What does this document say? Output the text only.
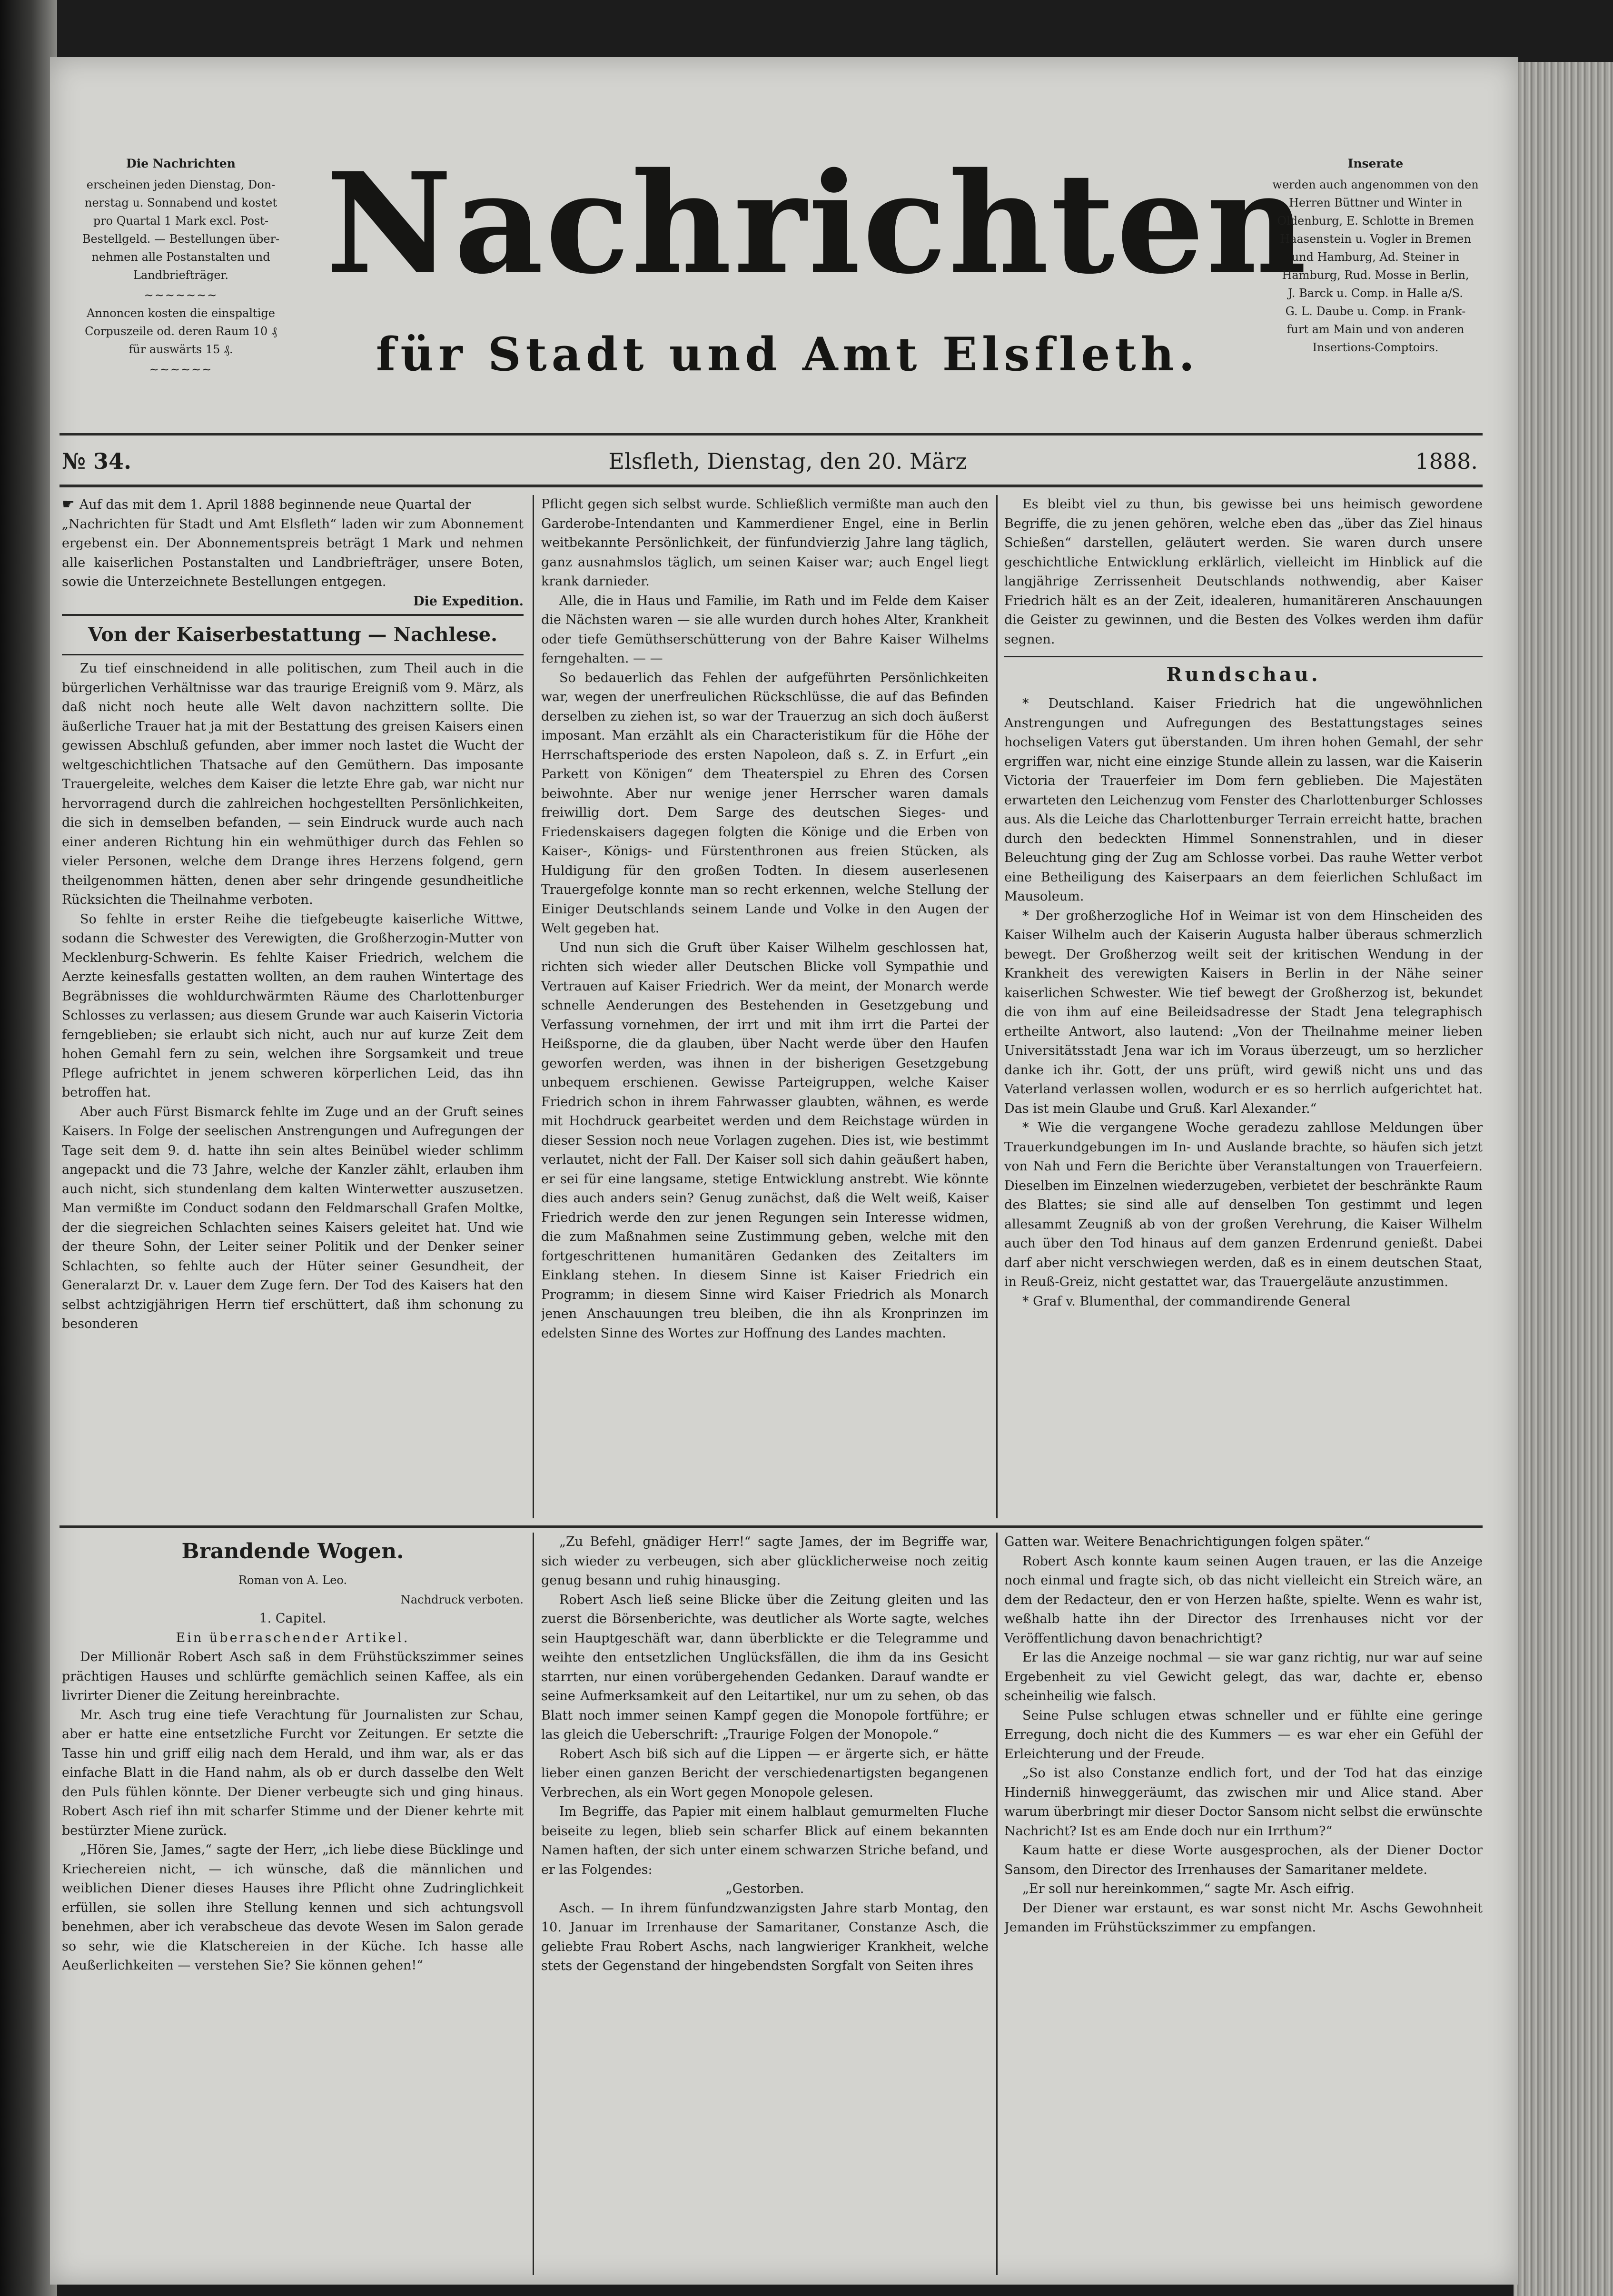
Die Nachrichten

erscheinen jeden Dienstag, Don-

nerstag u. Sonnabend und kostet

pro Quartal 1 Mark excl. Post-

Bestellgeld. — Bestellungen über-

nehmen alle Postanstalten und

Landbriefträger.

∼∼∼∼∼∼∼

Annoncen kosten die einspaltige

Corpuszeile od. deren Raum 10 ₰

für auswärts 15 ₰.

∼∼∼∼∼∼

Nachrichten
für Stadt und Amt Elsfleth.

Inserate

werden auch angenommen von den

Herren Büttner und Winter in

Oldenburg, E. Schlotte in Bremen

Haasenstein u. Vogler in Bremen

und Hamburg, Ad. Steiner in

Hamburg, Rud. Mosse in Berlin,

J. Barck u. Comp. in Halle a/S.

G. L. Daube u. Comp. in Frank-

furt am Main und von anderen

Insertions-Comptoirs.

№ 34.	Elsfleth, Dienstag, den 20. März	1888.

☛ Auf das mit dem 1. April 1888 beginnende neue Quartal der

„Nachrichten für Stadt und Amt Elsfleth“ laden wir zum Abonnement ergebenst ein. Der Abonnementspreis beträgt 1 Mark und nehmen alle kaiserlichen Postanstalten und Landbriefträger, unsere Boten, sowie die Unterzeichnete Bestellungen entgegen.

Die Expedition.

Von der Kaiserbestattung — Nachlese.

Zu tief einschneidend in alle politischen, zum Theil auch in die bürgerlichen Verhältnisse war das traurige Ereigniß vom 9. März, als daß nicht noch heute alle Welt davon nachzittern sollte. Die äußerliche Trauer hat ja mit der Bestattung des greisen Kaisers einen gewissen Abschluß gefunden, aber immer noch lastet die Wucht der weltgeschichtlichen Thatsache auf den Gemüthern. Das imposante Trauergeleite, welches dem Kaiser die letzte Ehre gab, war nicht nur hervorragend durch die zahlreichen hochgestellten Persönlichkeiten, die sich in demselben befanden, — sein Eindruck wurde auch nach einer anderen Richtung hin ein wehmüthiger durch das Fehlen so vieler Personen, welche dem Drange ihres Herzens folgend, gern theilgenommen hätten, denen aber sehr dringende gesundheitliche Rücksichten die Theilnahme verboten.

So fehlte in erster Reihe die tiefgebeugte kaiserliche Wittwe, sodann die Schwester des Verewigten, die Großherzogin-Mutter von Mecklenburg-Schwerin. Es fehlte Kaiser Friedrich, welchem die Aerzte keinesfalls gestatten wollten, an dem rauhen Wintertage des Begräbnisses die wohldurchwärmten Räume des Charlottenburger Schlosses zu verlassen; aus diesem Grunde war auch Kaiserin Victoria ferngeblieben; sie erlaubt sich nicht, auch nur auf kurze Zeit dem hohen Gemahl fern zu sein, welchen ihre Sorgsamkeit und treue Pflege aufrichtet in jenem schweren körperlichen Leid, das ihn betroffen hat.

Aber auch Fürst Bismarck fehlte im Zuge und an der Gruft seines Kaisers. In Folge der seelischen Anstrengungen und Aufregungen der Tage seit dem 9. d. hatte ihn sein altes Beinübel wieder schlimm angepackt und die 73 Jahre, welche der Kanzler zählt, erlauben ihm auch nicht, sich stundenlang dem kalten Winterwetter auszusetzen. Man vermißte im Conduct sodann den Feldmarschall Grafen Moltke, der die siegreichen Schlachten seines Kaisers geleitet hat. Und wie der theure Sohn, der Leiter seiner Politik und der Denker seiner Schlachten, so fehlte auch der Hüter seiner Gesundheit, der Generalarzt Dr. v. Lauer dem Zuge fern. Der Tod des Kaisers hat den selbst achtzigjährigen Herrn tief erschüttert, daß ihm schonung zu besonderen

Pflicht gegen sich selbst wurde. Schließlich vermißte man auch den Garderobe-Intendanten und Kammerdiener Engel, eine in Berlin weitbekannte Persönlichkeit, der fünfundvierzig Jahre lang täglich, ganz ausnahmslos täglich, um seinen Kaiser war; auch Engel liegt krank darnieder.

Alle, die in Haus und Familie, im Rath und im Felde dem Kaiser die Nächsten waren — sie alle wurden durch hohes Alter, Krankheit oder tiefe Gemüthserschütterung von der Bahre Kaiser Wilhelms ferngehalten. — —

So bedauerlich das Fehlen der aufgeführten Persönlichkeiten war, wegen der unerfreulichen Rückschlüsse, die auf das Befinden derselben zu ziehen ist, so war der Trauerzug an sich doch äußerst imposant. Man erzählt als ein Characteristikum für die Höhe der Herrschaftsperiode des ersten Napoleon, daß s. Z. in Erfurt „ein Parkett von Königen“ dem Theaterspiel zu Ehren des Corsen beiwohnte. Aber nur wenige jener Herrscher waren damals freiwillig dort. Dem Sarge des deutschen Sieges- und Friedenskaisers dagegen folgten die Könige und die Erben von Kaiser-, Königs- und Fürstenthronen aus freien Stücken, als Huldigung für den großen Todten. In diesem auserlesenen Trauergefolge konnte man so recht erkennen, welche Stellung der Einiger Deutschlands seinem Lande und Volke in den Augen der Welt gegeben hat.

Und nun sich die Gruft über Kaiser Wilhelm geschlossen hat, richten sich wieder aller Deutschen Blicke voll Sympathie und Vertrauen auf Kaiser Friedrich. Wer da meint, der Monarch werde schnelle Aenderungen des Bestehenden in Gesetzgebung und Verfassung vornehmen, der irrt und mit ihm irrt die Partei der Heißsporne, die da glauben, über Nacht werde über den Haufen geworfen werden, was ihnen in der bisherigen Gesetzgebung unbequem erschienen. Gewisse Parteigruppen, welche Kaiser Friedrich schon in ihrem Fahrwasser glaubten, wähnen, es werde mit Hochdruck gearbeitet werden und dem Reichstage würden in dieser Session noch neue Vorlagen zugehen. Dies ist, wie bestimmt verlautet, nicht der Fall. Der Kaiser soll sich dahin geäußert haben, er sei für eine langsame, stetige Entwicklung anstrebt. Wie könnte dies auch anders sein? Genug zunächst, daß die Welt weiß, Kaiser Friedrich werde den zur jenen Regungen sein Interesse widmen, die zum Maßnahmen seine Zustimmung geben, welche mit den fortgeschrittenen humanitären Gedanken des Zeitalters im Einklang stehen. In diesem Sinne ist Kaiser Friedrich ein Programm; in diesem Sinne wird Kaiser Friedrich als Monarch jenen Anschauungen treu bleiben, die ihn als Kronprinzen im edelsten Sinne des Wortes zur Hoffnung des Landes machten.

Es bleibt viel zu thun, bis gewisse bei uns heimisch gewordene Begriffe, die zu jenen gehören, welche eben das „über das Ziel hinaus Schießen“ darstellen, geläutert werden. Sie waren durch unsere geschichtliche Entwicklung erklärlich, vielleicht im Hinblick auf die langjährige Zerrissenheit Deutschlands nothwendig, aber Kaiser Friedrich hält es an der Zeit, idealeren, humanitäreren Anschauungen die Geister zu gewinnen, und die Besten des Volkes werden ihm dafür segnen.

Rundschau.

* Deutschland. Kaiser Friedrich hat die ungewöhnlichen Anstrengungen und Aufregungen des Bestattungstages seines hochseligen Vaters gut überstanden. Um ihren hohen Gemahl, der sehr ergriffen war, nicht eine einzige Stunde allein zu lassen, war die Kaiserin Victoria der Trauerfeier im Dom fern geblieben. Die Majestäten erwarteten den Leichenzug vom Fenster des Charlottenburger Schlosses aus. Als die Leiche das Charlottenburger Terrain erreicht hatte, brachen durch den bedeckten Himmel Sonnenstrahlen, und in dieser Beleuchtung ging der Zug am Schlosse vorbei. Das rauhe Wetter verbot eine Betheiligung des Kaiserpaars an dem feierlichen Schlußact im Mausoleum.

* Der großherzogliche Hof in Weimar ist von dem Hinscheiden des Kaiser Wilhelm auch der Kaiserin Augusta halber überaus schmerzlich bewegt. Der Großherzog weilt seit der kritischen Wendung in der Krankheit des verewigten Kaisers in Berlin in der Nähe seiner kaiserlichen Schwester. Wie tief bewegt der Großherzog ist, bekundet die von ihm auf eine Beileidsadresse der Stadt Jena telegraphisch ertheilte Antwort, also lautend: „Von der Theilnahme meiner lieben Universitätsstadt Jena war ich im Voraus überzeugt, um so herzlicher danke ich ihr. Gott, der uns prüft, wird gewiß nicht uns und das Vaterland verlassen wollen, wodurch er es so herrlich aufgerichtet hat. Das ist mein Glaube und Gruß. Karl Alexander.“

* Wie die vergangene Woche geradezu zahllose Meldungen über Trauerkundgebungen im In- und Auslande brachte, so häufen sich jetzt von Nah und Fern die Berichte über Veranstaltungen von Trauerfeiern. Dieselben im Einzelnen wiederzugeben, verbietet der beschränkte Raum des Blattes; sie sind alle auf denselben Ton gestimmt und legen allesammt Zeugniß ab von der großen Verehrung, die Kaiser Wilhelm auch über den Tod hinaus auf dem ganzen Erdenrund genießt. Dabei darf aber nicht verschwiegen werden, daß es in einem deutschen Staat, in Reuß-Greiz, nicht gestattet war, das Trauergeläute anzustimmen.

* Graf v. Blumenthal, der commandirende General

Brandende Wogen.

Roman von A. Leo.

Nachdruck verboten.

1. Capitel.

Ein überraschender Artikel.

Der Millionär Robert Asch saß in dem Frühstückszimmer seines prächtigen Hauses und schlürfte gemächlich seinen Kaffee, als ein livrirter Diener die Zeitung hereinbrachte.

Mr. Asch trug eine tiefe Verachtung für Journalisten zur Schau, aber er hatte eine entsetzliche Furcht vor Zeitungen. Er setzte die Tasse hin und griff eilig nach dem Herald, und ihm war, als er das einfache Blatt in die Hand nahm, als ob er durch dasselbe den Welt den Puls fühlen könnte. Der Diener verbeugte sich und ging hinaus. Robert Asch rief ihn mit scharfer Stimme und der Diener kehrte mit bestürzter Miene zurück.

„Hören Sie, James,“ sagte der Herr, „ich liebe diese Bücklinge und Kriechereien nicht, — ich wünsche, daß die männlichen und weiblichen Diener dieses Hauses ihre Pflicht ohne Zudringlichkeit erfüllen, sie sollen ihre Stellung kennen und sich achtungsvoll benehmen, aber ich verabscheue das devote Wesen im Salon gerade so sehr, wie die Klatschereien in der Küche. Ich hasse alle Aeußerlichkeiten — verstehen Sie? Sie können gehen!“

„Zu Befehl, gnädiger Herr!“ sagte James, der im Begriffe war, sich wieder zu verbeugen, sich aber glücklicherweise noch zeitig genug besann und ruhig hinausging.

Robert Asch ließ seine Blicke über die Zeitung gleiten und las zuerst die Börsenberichte, was deutlicher als Worte sagte, welches sein Hauptgeschäft war, dann überblickte er die Telegramme und weihte den entsetzlichen Unglücksfällen, die ihm da ins Gesicht starrten, nur einen vorübergehenden Gedanken. Darauf wandte er seine Aufmerksamkeit auf den Leitartikel, nur um zu sehen, ob das Blatt noch immer seinen Kampf gegen die Monopole fortführe; er las gleich die Ueberschrift: „Traurige Folgen der Monopole.“

Robert Asch biß sich auf die Lippen — er ärgerte sich, er hätte lieber einen ganzen Bericht der verschiedenartigsten begangenen Verbrechen, als ein Wort gegen Monopole gelesen.

Im Begriffe, das Papier mit einem halblaut gemurmelten Fluche beiseite zu legen, blieb sein scharfer Blick auf einem bekannten Namen haften, der sich unter einem schwarzen Striche befand, und er las Folgendes:

„Gestorben.

Asch. — In ihrem fünfundzwanzigsten Jahre starb Montag, den 10. Januar im Irrenhause der Samaritaner, Constanze Asch, die geliebte Frau Robert Aschs, nach langwieriger Krankheit, welche stets der Gegenstand der hingebendsten Sorgfalt von Seiten ihres

Gatten war. Weitere Benachrichtigungen folgen später.“

Robert Asch konnte kaum seinen Augen trauen, er las die Anzeige noch einmal und fragte sich, ob das nicht vielleicht ein Streich wäre, an dem der Redacteur, den er von Herzen haßte, spielte. Wenn es wahr ist, weßhalb hatte ihn der Director des Irrenhauses nicht vor der Veröffentlichung davon benachrichtigt?

Er las die Anzeige nochmal — sie war ganz richtig, nur war auf seine Ergebenheit zu viel Gewicht gelegt, das war, dachte er, ebenso scheinheilig wie falsch.

Seine Pulse schlugen etwas schneller und er fühlte eine geringe Erregung, doch nicht die des Kummers — es war eher ein Gefühl der Erleichterung und der Freude.

„So ist also Constanze endlich fort, und der Tod hat das einzige Hinderniß hinweggeräumt, das zwischen mir und Alice stand. Aber warum überbringt mir dieser Doctor Sansom nicht selbst die erwünschte Nachricht? Ist es am Ende doch nur ein Irrthum?“

Kaum hatte er diese Worte ausgesprochen, als der Diener Doctor Sansom, den Director des Irrenhauses der Samaritaner meldete.

„Er soll nur hereinkommen,“ sagte Mr. Asch eifrig.

Der Diener war erstaunt, es war sonst nicht Mr. Aschs Gewohnheit Jemanden im Frühstückszimmer zu empfangen.
